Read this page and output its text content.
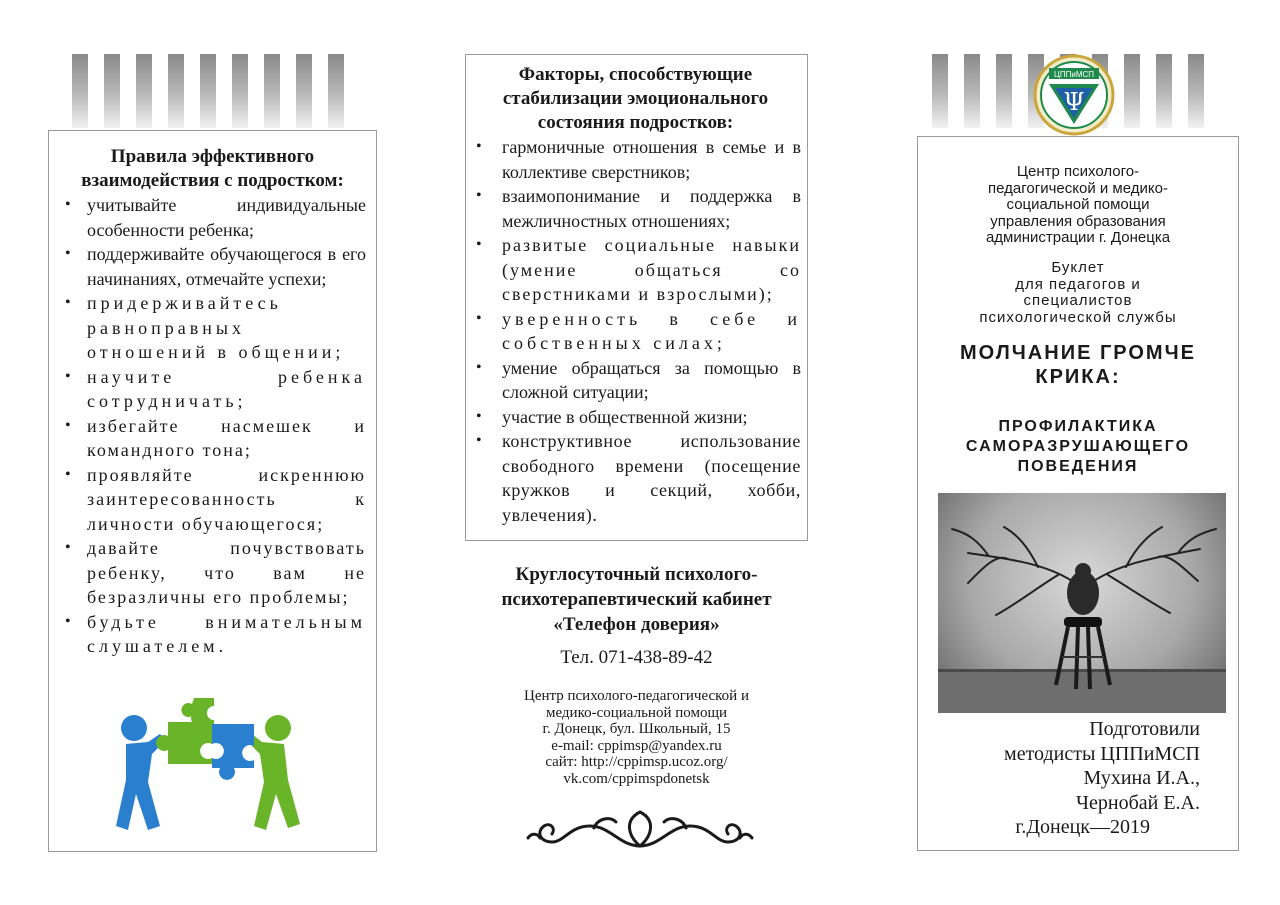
Правила эффективного взаимодействия с подростком:
• учитывайте индивидуальные особенности ребенка;
• поддерживайте обучающегося в его начинаниях, отмечайте успехи;
• придерживайтесь равноправных отношений в общении;
• научите ребенка сотрудничать;
• избегайте насмешек и командного тона;
• проявляйте искреннюю заинтересованность к личности обучающегося;
• давайте почувствовать ребенку, что вам не безразличны его проблемы;
• будьте внимательным слушателем.
Факторы, способствующие стабилизации эмоционального состояния подростков:
• гармоничные отношения в семье и в коллективе сверстников;
• взаимопонимание и поддержка в межличностных отношениях;
• развитые социальные навыки (умение общаться со сверстниками и взрослыми);
• уверенность в себе и собственных силах;
• умение обращаться за помощью в сложной ситуации;
• участие в общественной жизни;
• конструктивное использование свободного времени (посещение кружков и секций, хобби, увлечения).
Круглосуточный психолого-
психотерапевтический кабинет
«Телефон доверия»
Тел. 071-438-89-42
Центр психолого-педагогической и
медико-социальной помощи
г. Донецк, бул. Школьный, 15
e-mail: cppimsp@yandex.ru
сайт: http://cppimsp.ucoz.org/
vk.com/cppimspdonetsk
Центр психолого-
педагогической и медико-
социальной помощи
управления образования
администрации г. Донецка
Буклет
для педагогов и
специалистов
психологической службы
МОЛЧАНИЕ ГРОМЧЕ
КРИКА:
ПРОФИЛАКТИКА
САМОРАЗРУШАЮЩЕГО
ПОВЕДЕНИЯ
Подготовили
методисты ЦППиМСП
Мухина И.А.,
Чернобай Е.А.
г.Донецк—2019
ЦППиМСП
Ψ
